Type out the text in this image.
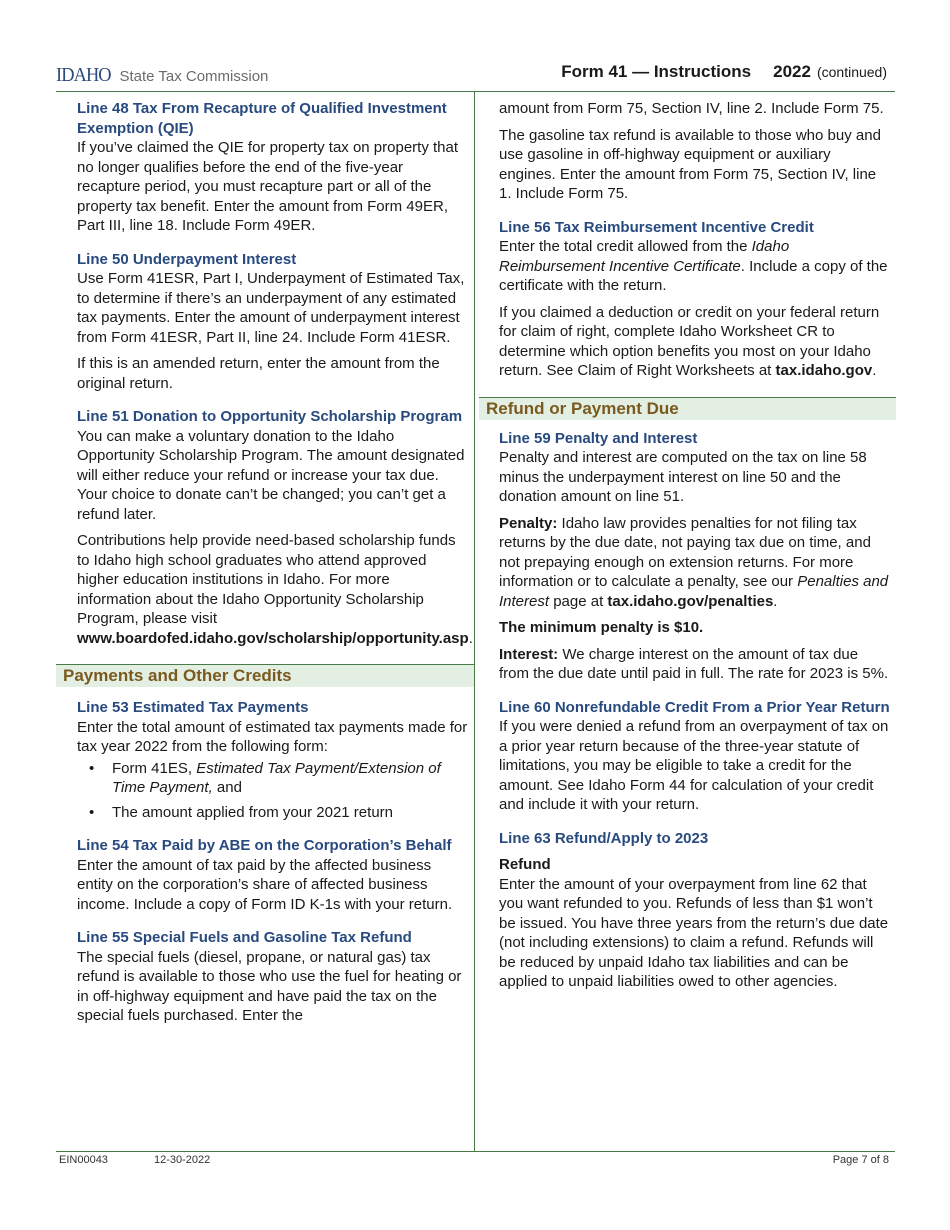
IDAHO State Tax Commission	Form 41 — Instructions 2022 (continued)
Line 48 Tax From Recapture of Qualified Investment Exemption (QIE)

If you’ve claimed the QIE for property tax on property that no longer qualifies before the end of the five-year recapture period, you must recapture part or all of the property tax benefit. Enter the amount from Form 49ER, Part III, line 18. Include Form 49ER.

Line 50 Underpayment Interest

Use Form 41ESR, Part I, Underpayment of Estimated Tax, to determine if there’s an underpayment of any estimated tax payments. Enter the amount of underpayment interest from Form 41ESR, Part II, line 24. Include Form 41ESR.

If this is an amended return, enter the amount from the original return.

Line 51 Donation to Opportunity Scholarship Program

You can make a voluntary donation to the Idaho Opportunity Scholarship Program. The amount designated will either reduce your refund or increase your tax due. Your choice to donate can’t be changed; you can’t get a refund later.

Contributions help provide need-based scholarship funds to Idaho high school graduates who attend approved higher education institutions in Idaho. For more information about the Idaho Opportunity Scholarship Program, please visit www.boardofed.idaho.gov/scholarship/opportunity.asp.

Payments and Other Credits
Line 53 Estimated Tax Payments

Enter the total amount of estimated tax payments made for tax year 2022 from the following form:

• Form 41ES, Estimated Tax Payment/Extension of Time Payment, and
• The amount applied from your 2021 return
Line 54 Tax Paid by ABE on the Corporation’s Behalf

Enter the amount of tax paid by the affected business entity on the corporation’s share of affected business income. Include a copy of Form ID K-1s with your return.

Line 55 Special Fuels and Gasoline Tax Refund

The special fuels (diesel, propane, or natural gas) tax refund is available to those who use the fuel for heating or in off-highway equipment and have paid the tax on the special fuels purchased. Enter the

amount from Form 75, Section IV, line 2. Include Form 75.

The gasoline tax refund is available to those who buy and use gasoline in off-highway equipment or auxiliary engines. Enter the amount from Form 75, Section IV, line 1. Include Form 75.

Line 56 Tax Reimbursement Incentive Credit

Enter the total credit allowed from the Idaho Reimbursement Incentive Certificate. Include a copy of the certificate with the return.

If you claimed a deduction or credit on your federal return for claim of right, complete Idaho Worksheet CR to determine which option benefits you most on your Idaho return. See Claim of Right Worksheets at tax.idaho.gov.

Refund or Payment Due
Line 59 Penalty and Interest

Penalty and interest are computed on the tax on line 58 minus the underpayment interest on line 50 and the donation amount on line 51.

Penalty: Idaho law provides penalties for not filing tax returns by the due date, not paying tax due on time, and not prepaying enough on extension returns. For more information or to calculate a penalty, see our Penalties and Interest page at tax.idaho.gov/penalties.

The minimum penalty is $10.

Interest: We charge interest on the amount of tax due from the due date until paid in full. The rate for 2023 is 5%.

Line 60 Nonrefundable Credit From a Prior Year Return

If you were denied a refund from an overpayment of tax on a prior year return because of the three-year statute of limitations, you may be eligible to take a credit for the amount. See Idaho Form 44 for calculation of your credit and include it with your return.

Line 63 Refund/Apply to 2023

Refund

Enter the amount of your overpayment from line 62 that you want refunded to you. Refunds of less than $1 won’t be issued. You have three years from the return’s due date (not including extensions) to claim a refund. Refunds will be reduced by unpaid Idaho tax liabilities and can be applied to unpaid liabilities owed to other agencies.

EIN00043	12-30-2022	Page 7 of 8
